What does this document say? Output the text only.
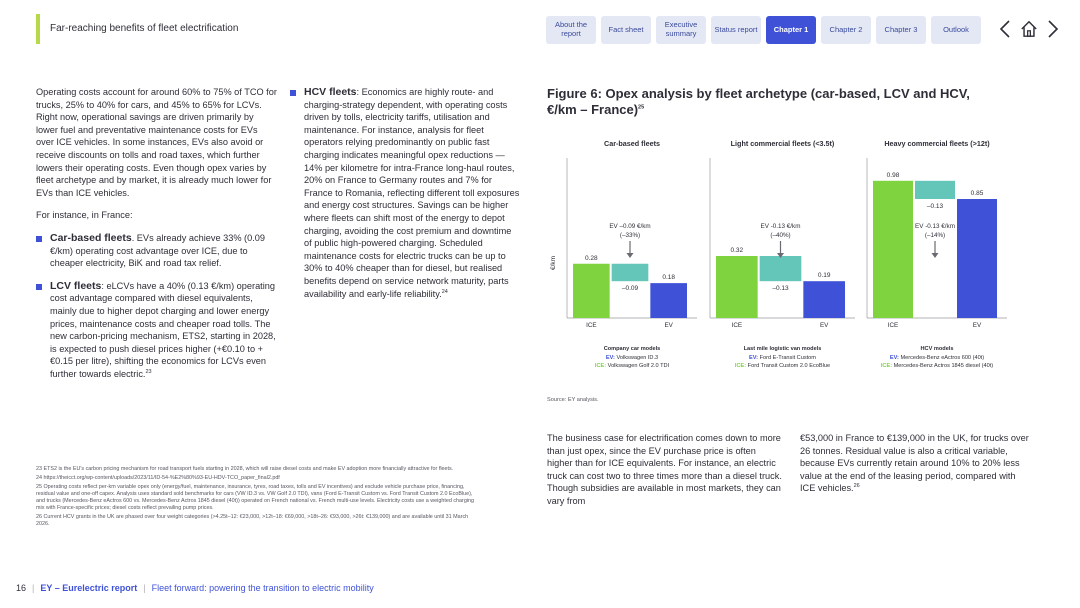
Far-reaching benefits of fleet electrification	About the report	Fact sheet	Executive summary	Status report	Chapter 1	Chapter 2	Chapter 3	Outlook

Operating costs account for around 60% to 75% of TCO for trucks, 25% to 40% for cars, and 45% to 65% for LCVs. Right now, operational savings are driven primarily by lower fuel and preventative maintenance costs for EVs over ICE vehicles. In some instances, EVs also avoid or receive discounts on tolls and road taxes, which further lowers their operating costs. Even though opex varies by fleet archetype and by market, it is already much lower for EVs than ICE vehicles.

For instance, in France:

Car-based fleets. EVs already achieve 33% (0.09 €/km) operating cost advantage over ICE, due to cheaper electricity, BiK and road tax relief.
LCV fleets: eLCVs have a 40% (0.13 €/km) operating cost advantage compared with diesel equivalents, mainly due to higher depot charging and lower energy prices, maintenance costs and cheaper road tolls. The new carbon-pricing mechanism, ETS2, starting in 2028, is expected to push diesel prices higher (+€0.10 to +€0.15 per litre), shifting the economics for LCVs even further towards electric.$^{23}$
HCV fleets: Economics are highly route- and charging-strategy dependent, with operating costs driven by tolls, electricity tariffs, utilisation and maintenance. For instance, analysis for fleet operators relying predominantly on public fast charging indicates meaningful opex reductions — 14% per kilometre for intra-France long-haul routes, 20% on France to Germany routes and 7% for France to Romania, reflecting different toll exposures and energy cost structures. Savings can be higher where fleets can shift most of the energy to depot charging, avoiding the cost premium and downtime of public high-powered charging. Scheduled maintenance costs for electric trucks can be up to 30% to 40% cheaper than for diesel, but realised benefits depend on service network maturity, parts availability and early-life reliability.$^{24}$

23 ETS2 is the EU's carbon pricing mechanism for road transport fuels starting in 2028, which will raise diesel costs and make EV adoption more financially attractive for fleets.

24 https://theicct.org/wp-content/uploads/2023/11/ID-54-%E2%80%93-EU-HDV-TCO_paper_final2.pdf

25 Operating costs reflect per-km variable opex only (energy/fuel, maintenance, insurance, tyres, road taxes, tolls and EV incentives) and exclude vehicle purchase price, financing, residual value and one-off capex. Analysis uses standard sold benchmarks for cars (VW ID.3 vs. VW Golf 2.0 TDI), vans (Ford E-Transit Custom vs. Ford Transit Custom 2.0 EcoBlue), and trucks (Mercedes-Benz eActros 600 vs. Mercedes-Benz Actros 1845 diesel (40t)) operated on French national vs. French multi-use levels. Electricity costs use a weighted charging mix with France-specific prices; diesel costs reflect prevailing pump prices.

26 Current HCV grants in the UK are phased over four weight categories (>4.25t–12: €23,000, >12t–18: €69,000, >18t–26: €93,000, >26t: €139,000) and are available until 31 March 2026.

16 | EY – Eurelectric report | Fleet forward: powering the transition to electric mobility
Figure 6: Opex analysis by fleet archetype (car-based, LCV and HCV, €/km – France)$^{25}$
€/km
Car-based fleets
0.28
–0.09
0.18
EV –0.09 €/km
(–33%)
ICE	EV
Company car models
EV: Volkswagen ID.3
ICE: Volkswagen Golf 2.0 TDI
Light commercial fleets (<3.5t)
0.32
–0.13
0.19
EV -0.13 €/km
(–40%)
ICE	EV
Last mile logistic van models
EV: Ford E-Transit Custom
ICE: Ford Transit Custom 2.0 EcoBlue
Heavy commercial fleets (>12t)
0.98
–0.13
0.85
EV -0.13 €/km
(–14%)
ICE	EV
HCV models
EV: Mercedes-Benz eActros 600 (40t)
ICE: Mercedes-Benz Actros 1845 diesel (40t)
Source: EY analysis.

The business case for electrification comes down to more than just opex, since the EV purchase price is often higher than for ICE equivalents. For instance, an electric truck can cost two to three times more than a diesel truck. Though subsidies are available in most markets, they can vary from

€53,000 in France to €139,000 in the UK, for trucks over 26 tonnes. Residual value is also a critical variable, because EVs currently retain around 10% to 20% less value at the end of the leasing period, compared with ICE vehicles.$^{26}$
